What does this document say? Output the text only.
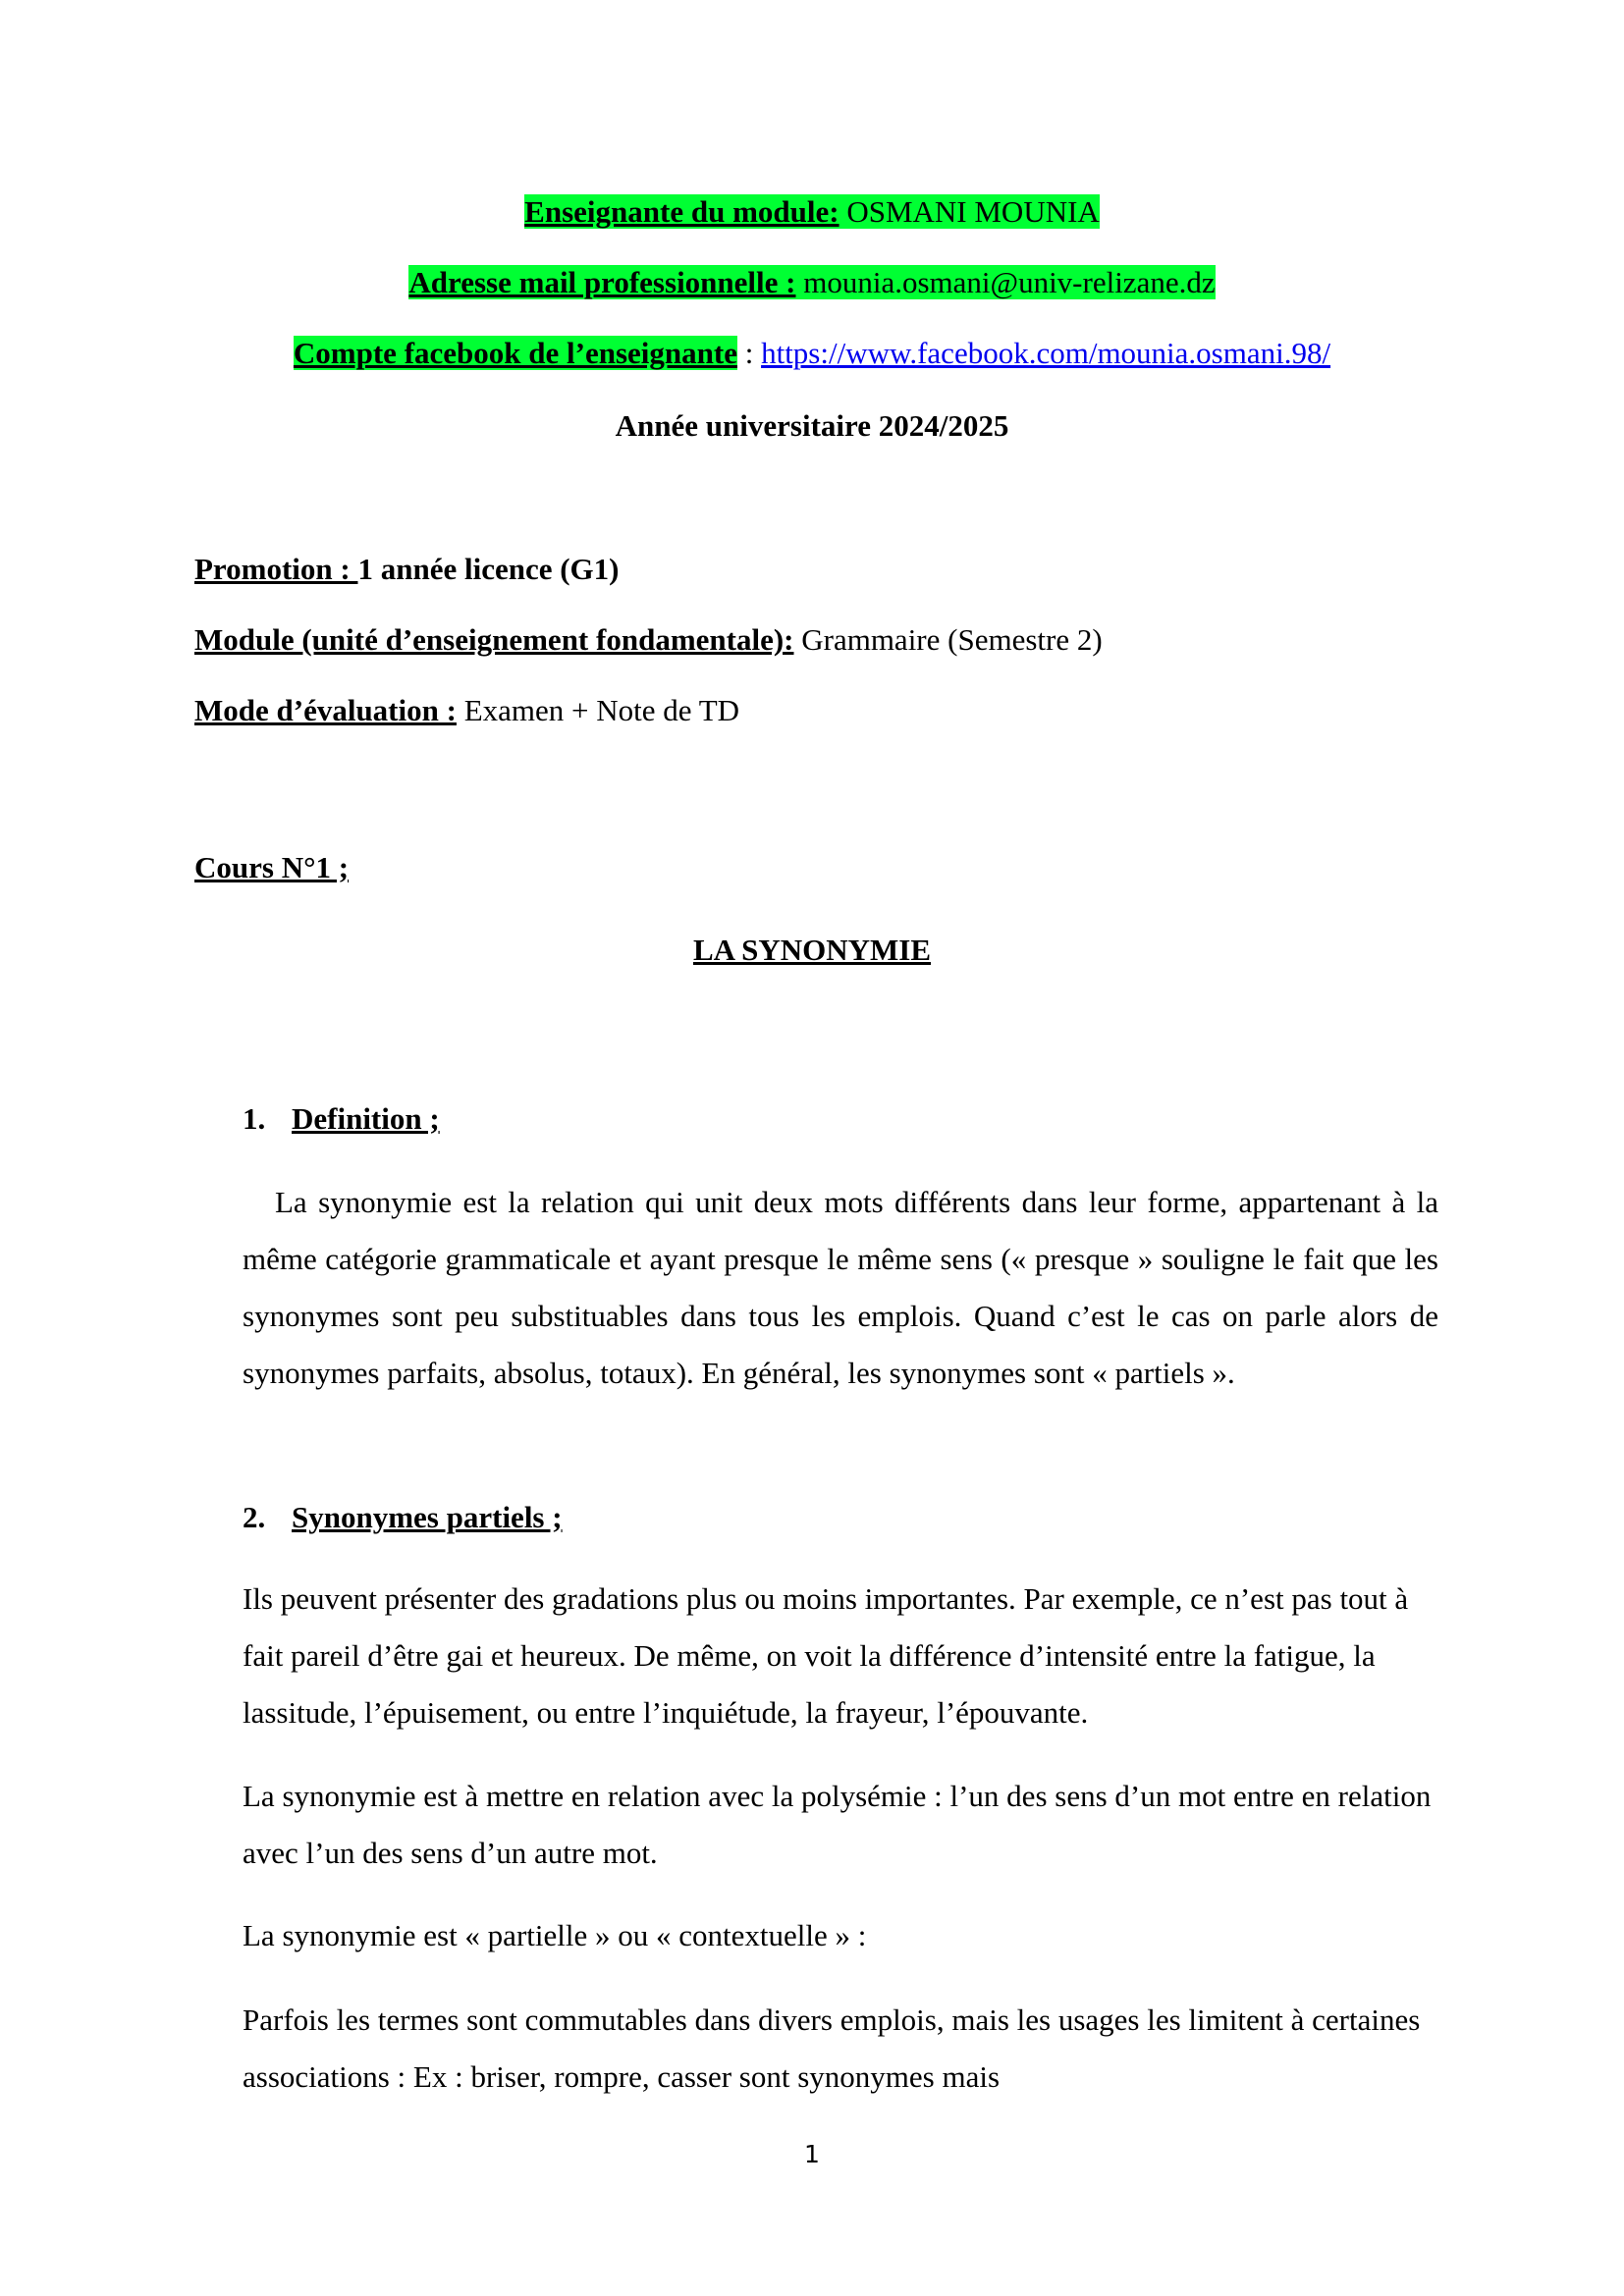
Enseignante du module: OSMANI MOUNIA
Adresse mail professionnelle : mounia.osmani@univ-relizane.dz
Compte facebook de l’enseignante : https://www.facebook.com/mounia.osmani.98/
Année universitaire 2024/2025
Promotion : 1 année licence (G1)
Module (unité d’enseignement fondamentale): Grammaire (Semestre 2)
Mode d’évaluation : Examen + Note de TD
Cours N°1 ;
LA SYNONYMIE
1. Definition ;
La synonymie est la relation qui unit deux mots différents dans leur forme, appartenant à la même catégorie grammaticale et ayant presque le même sens (« presque » souligne le fait que les synonymes sont peu substituables dans tous les emplois. Quand c’est le cas on parle alors de synonymes parfaits, absolus, totaux). En général, les synonymes sont « partiels ».
2. Synonymes partiels ;
Ils peuvent présenter des gradations plus ou moins importantes. Par exemple, ce n’est pas tout à fait pareil d’être gai et heureux. De même, on voit la différence d’intensité entre la fatigue, la lassitude, l’épuisement, ou entre l’inquiétude, la frayeur, l’épouvante.
La synonymie est à mettre en relation avec la polysémie : l’un des sens d’un mot entre en relation avec l’un des sens d’un autre mot.
La synonymie est « partielle » ou « contextuelle » :
Parfois les termes sont commutables dans divers emplois, mais les usages les limitent à certaines associations : Ex : briser, rompre, casser sont synonymes mais
1
